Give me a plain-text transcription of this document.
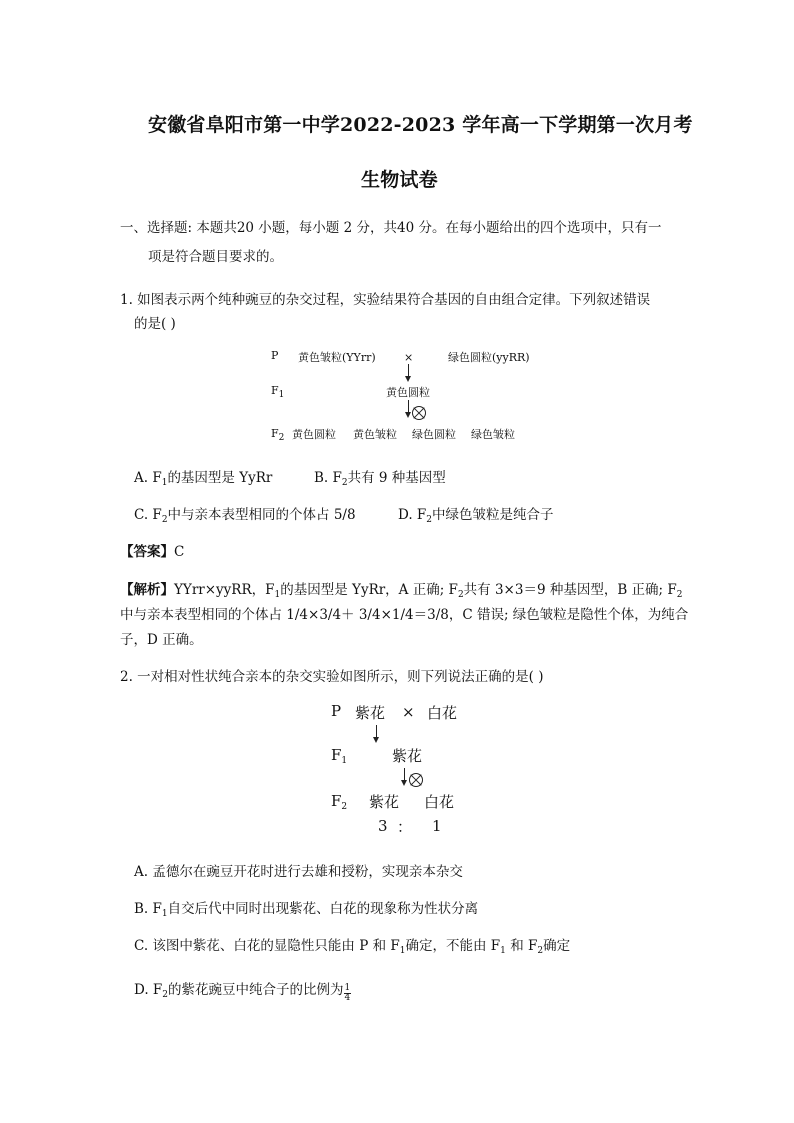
安徽省阜阳市第一中学2022-2023 学年高一下学期第一次月考
生物试卷
一、选择题: 本题共20 小题，每小题 2 分，共40 分。在每小题给出的四个选项中，只有一
项是符合题目要求的。
1. 如图表示两个纯种豌豆的杂交过程，实验结果符合基因的自由组合定律。下列叙述错误
的是( )
P 黄色皱粒(YYrr)	×	绿色圆粒(yyRR)
$F_1$	黄色圆粒
$F_2$ 黄色圆粒 黄色皱粒 绿色圆粒 绿色皱粒
A. $F_1$的基因型是 YyRr	B. $F_2$共有 9 种基因型
C. $F_2$中与亲本表型相同的个体占 5/8	D. $F_2$中绿色皱粒是纯合子
【答案】C
【解析】YYrr×yyRR，$F_1$的基因型是 YyRr，A 正确; $F_2$共有 3×3＝9 种基因型，B 正确; $F_2$
中与亲本表型相同的个体占 1/4×3/4＋ 3/4×1/4＝3/8，C 错误; 绿色皱粒是隐性个体，为纯合
子，D 正确。
2. 一对相对性状纯合亲本的杂交实验如图所示，则下列说法正确的是( )
P 紫花 × 白花
$F_1$	紫花
$F_2$ 紫花 白花
3 ： 1
A. 孟德尔在豌豆开花时进行去雄和授粉，实现亲本杂交
B. $F_1$自交后代中同时出现紫花、白花的现象称为性状分离
C. 该图中紫花、白花的显隐性只能由 P 和 $F_1$确定，不能由 $F_1$ 和 $F_2$确定
D. $F_2$的紫花豌豆中纯合子的比例为 $\frac{1}{4}$
